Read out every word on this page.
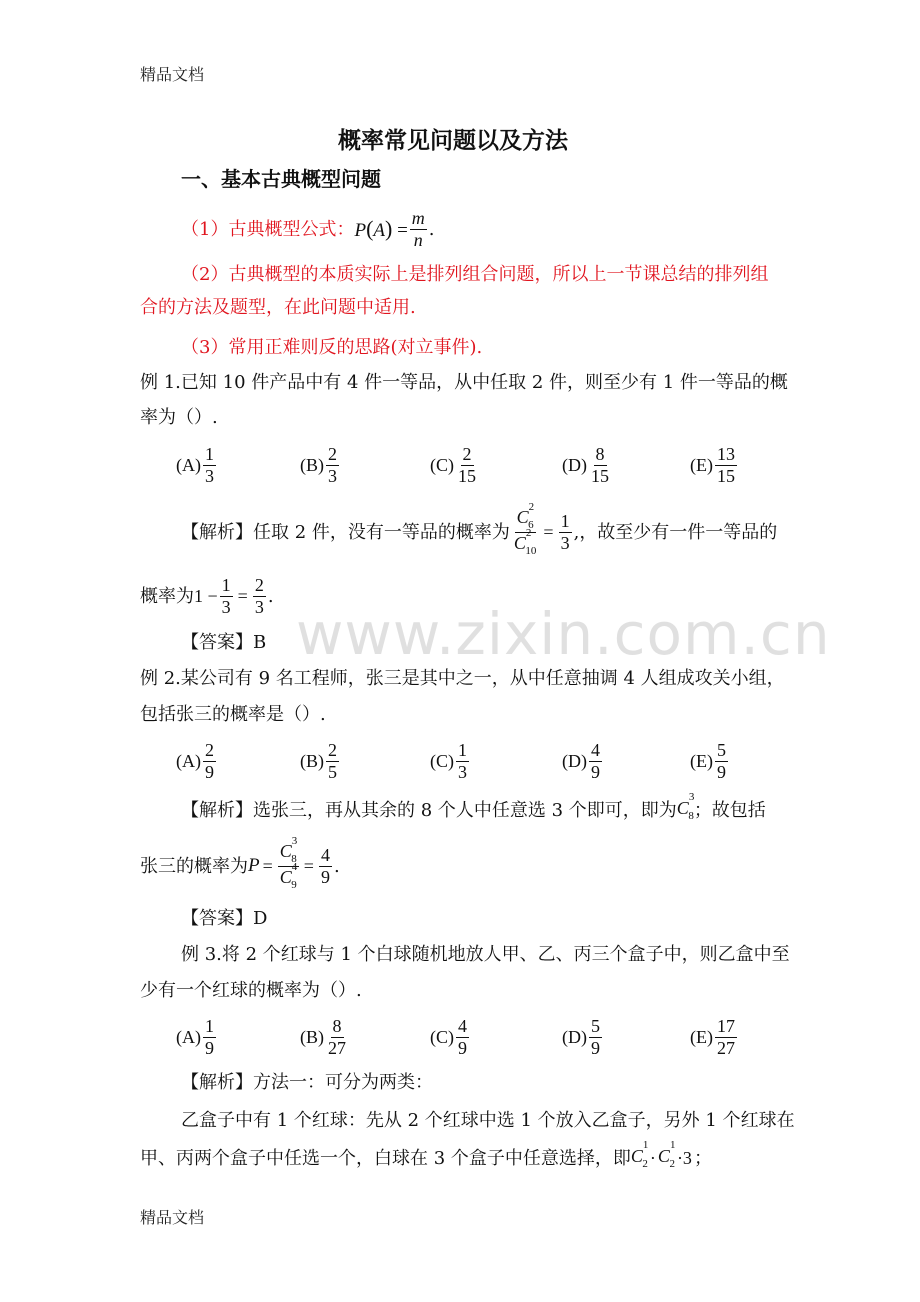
精品文档
精品文档
www.zixin.com.cn
概率常见问题以及方法
一、基本古典概型问题
（1）古典概型公式： $P(A) = \frac{m}{n}$ .
（2）古典概型的本质实际上是排列组合问题，所以上一节课总结的排列组
合的方法及题型，在此问题中适用.
（3）常用正难则反的思路(对立事件).
例 1.已知 10 件产品中有 4 件一等品，从中任取 2 件，则至少有 1 件一等品的概
率为（）.
$(A) \frac{1}{3}$	$(B) \frac{2}{3}$	$(C) \frac{2}{15}$	$(D) \frac{8}{15}$	$(E) \frac{13}{15}$
【解析】任取 2 件，没有一等品的概率为 $\frac{C^2_6}{C^2_{10}} = \frac{1}{3}$ , ，故至少有一件一等品的
概率为 $1 - \frac{1}{3} = \frac{2}{3}$ .
【答案】B
例 2.某公司有 9 名工程师，张三是其中之一，从中任意抽调 4 人组成攻关小组，
包括张三的概率是（）.
$(A) \frac{2}{9}$	$(B) \frac{2}{5}$	$(C) \frac{1}{3}$	$(D) \frac{4}{9}$	$(E) \frac{5}{9}$
【解析】选张三，再从其余的 8 个人中任意选 3 个即可，即为 $C^3_8$ ；故包括
张三的概率为 $P = \frac{C^3_8}{C^4_9} = \frac{4}{9}$ .
【答案】D
例 3.将 2 个红球与 1 个白球随机地放人甲、乙、丙三个盒子中，则乙盒中至
少有一个红球的概率为（）.
$(A) \frac{1}{9}$	$(B) \frac{8}{27}$	$(C) \frac{4}{9}$	$(D) \frac{5}{9}$	$(E) \frac{17}{27}$
【解析】方法一：可分为两类：
乙盒子中有 1 个红球：先从 2 个红球中选 1 个放入乙盒子，另外 1 个红球在
甲、丙两个盒子中任选一个，白球在 3 个盒子中任意选择，即 $C^1_2 \cdot C^1_2 \cdot 3$ ；
